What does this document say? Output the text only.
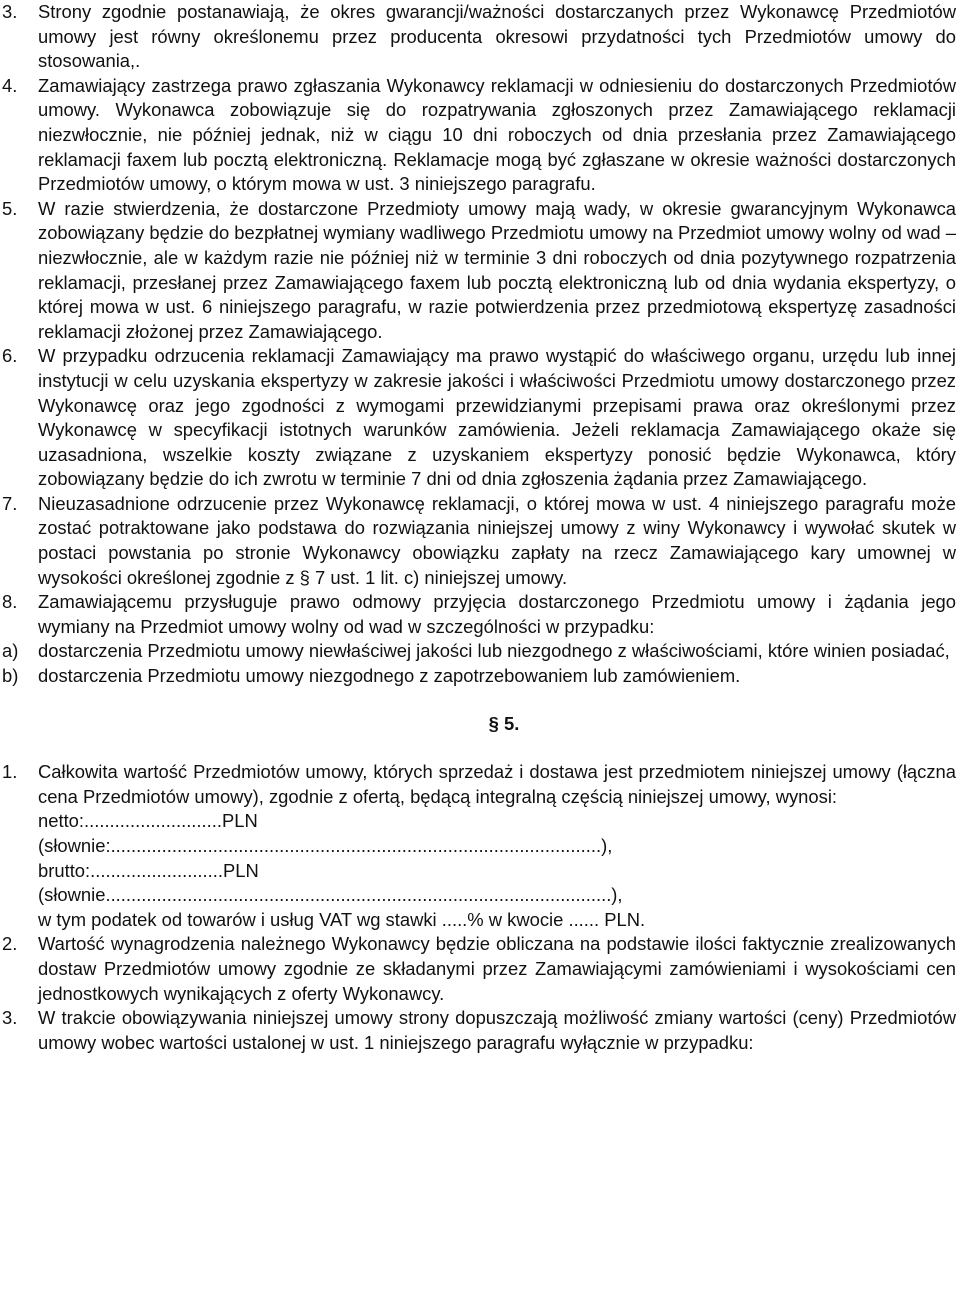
3. Strony zgodnie postanawiają, że okres gwarancji/ważności dostarczanych przez Wykonawcę Przedmiotów umowy jest równy określonemu przez producenta okresowi przydatności tych Przedmiotów umowy do stosowania,.
4. Zamawiający zastrzega prawo zgłaszania Wykonawcy reklamacji w odniesieniu do dostarczonych Przedmiotów umowy. Wykonawca zobowiązuje się do rozpatrywania zgłoszonych przez Zamawiającego reklamacji niezwłocznie, nie później jednak, niż w ciągu 10 dni roboczych od dnia przesłania przez Zamawiającego reklamacji faxem lub pocztą elektroniczną. Reklamacje mogą być zgłaszane w okresie ważności dostarczonych Przedmiotów umowy, o którym mowa w ust. 3 niniejszego paragrafu.
5. W razie stwierdzenia, że dostarczone Przedmioty umowy mają wady, w okresie gwarancyjnym Wykonawca zobowiązany będzie do bezpłatnej wymiany wadliwego Przedmiotu umowy na Przedmiot umowy wolny od wad – niezwłocznie, ale w każdym razie nie później niż w terminie 3 dni roboczych od dnia pozytywnego rozpatrzenia reklamacji, przesłanej przez Zamawiającego faxem lub pocztą elektroniczną lub od dnia wydania ekspertyzy, o której mowa w ust. 6 niniejszego paragrafu, w razie potwierdzenia przez przedmiotową ekspertyzę zasadności reklamacji złożonej przez Zamawiającego.
6. W przypadku odrzucenia reklamacji Zamawiający ma prawo wystąpić do właściwego organu, urzędu lub innej instytucji w celu uzyskania ekspertyzy w zakresie jakości i właściwości Przedmiotu umowy dostarczonego przez Wykonawcę oraz jego zgodności z wymogami przewidzianymi przepisami prawa oraz określonymi przez Wykonawcę w specyfikacji istotnych warunków zamówienia. Jeżeli reklamacja Zamawiającego okaże się uzasadniona, wszelkie koszty związane z uzyskaniem ekspertyzy ponosić będzie Wykonawca, który zobowiązany będzie do ich zwrotu w terminie 7 dni od dnia zgłoszenia żądania przez Zamawiającego.
7. Nieuzasadnione odrzucenie przez Wykonawcę reklamacji, o której mowa w ust. 4 niniejszego paragrafu może zostać potraktowane jako podstawa do rozwiązania niniejszej umowy z winy Wykonawcy i wywołać skutek w postaci powstania po stronie Wykonawcy obowiązku zapłaty na rzecz Zamawiającego kary umownej w wysokości określonej zgodnie z § 7 ust. 1 lit. c) niniejszej umowy.
8. Zamawiającemu przysługuje prawo odmowy przyjęcia dostarczonego Przedmiotu umowy i żądania jego wymiany na Przedmiot umowy wolny od wad w szczególności w przypadku:
a) dostarczenia Przedmiotu umowy niewłaściwej jakości lub niezgodnego z właściwościami, które winien posiadać,
b) dostarczenia Przedmiotu umowy niezgodnego z zapotrzebowaniem lub zamówieniem.
§ 5.
1. Całkowita wartość Przedmiotów umowy, których sprzedaż i dostawa jest przedmiotem niniejszej umowy (łączna cena Przedmiotów umowy), zgodnie z ofertą, będącą integralną częścią niniejszej umowy, wynosi:
netto:...........................PLN
(słownie:................................................................................................),
brutto:..........................PLN
(słownie...................................................................................................),
w tym podatek od towarów i usług VAT wg stawki .....% w kwocie ...... PLN.
2. Wartość wynagrodzenia należnego Wykonawcy będzie obliczana na podstawie ilości faktycznie zrealizowanych dostaw Przedmiotów umowy zgodnie ze składanymi przez Zamawiającymi zamówieniami i wysokościami cen jednostkowych wynikających z oferty Wykonawcy.
3. W trakcie obowiązywania niniejszej umowy strony dopuszczają możliwość zmiany wartości (ceny) Przedmiotów umowy wobec wartości ustalonej w ust. 1 niniejszego paragrafu wyłącznie w przypadku:
